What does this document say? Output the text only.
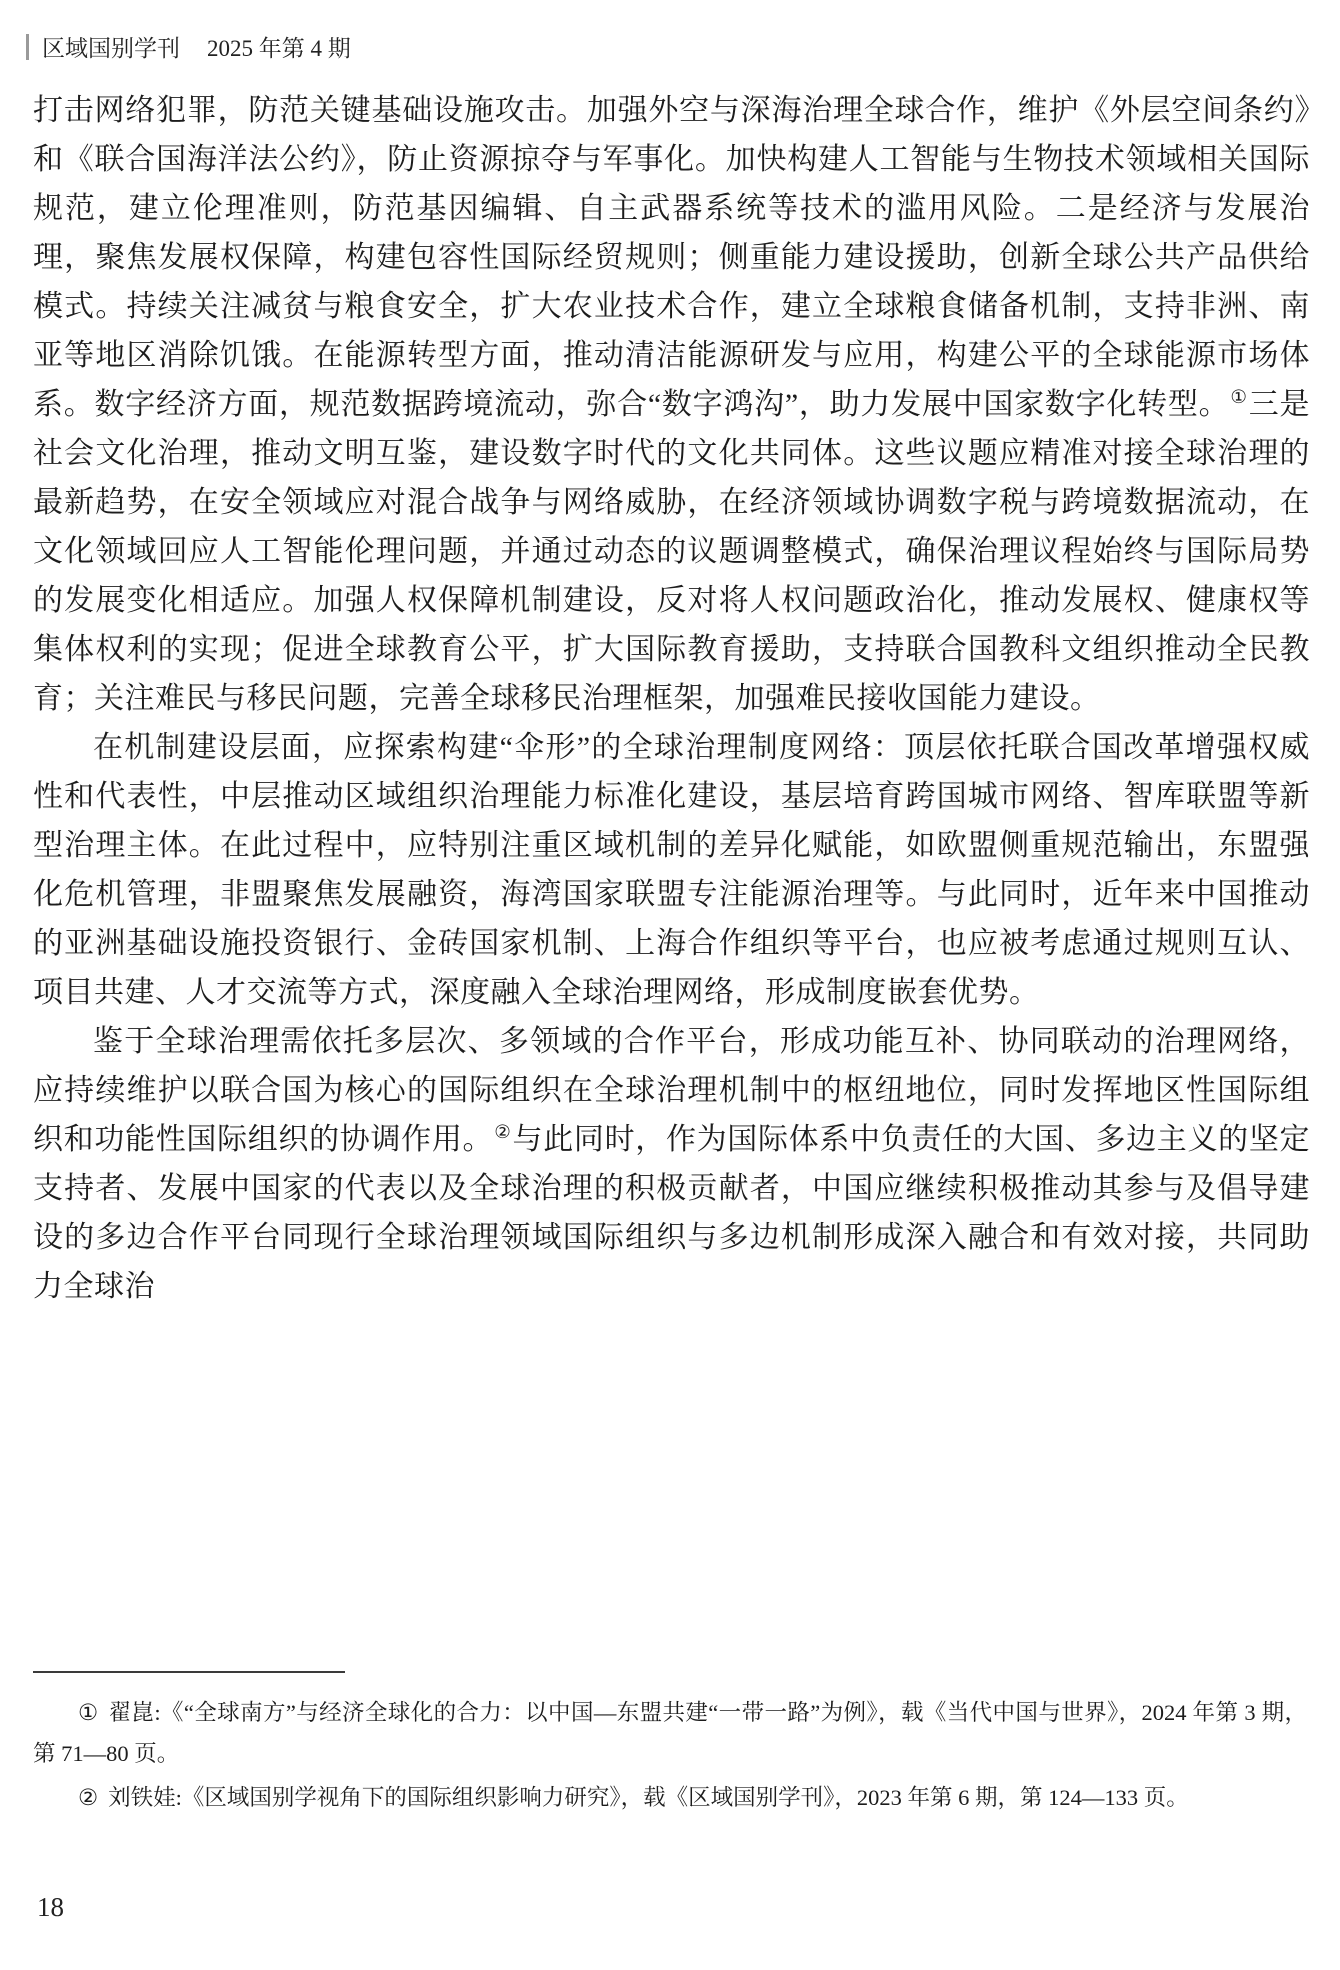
区域国别学刊 2025 年第 4 期

打击网络犯罪，防范关键基础设施攻击。加强外空与深海治理全球合作，维护《外层空间条约》和《联合国海洋法公约》，防止资源掠夺与军事化。加快构建人工智能与生物技术领域相关国际规范，建立伦理准则，防范基因编辑、自主武器系统等技术的滥用风险。二是经济与发展治理，聚焦发展权保障，构建包容性国际经贸规则；侧重能力建设援助，创新全球公共产品供给模式。持续关注减贫与粮食安全，扩大农业技术合作，建立全球粮食储备机制，支持非洲、南亚等地区消除饥饿。在能源转型方面，推动清洁能源研发与应用，构建公平的全球能源市场体系。数字经济方面，规范数据跨境流动，弥合“数字鸿沟”，助力发展中国家数字化转型。①三是社会文化治理，推动文明互鉴，建设数字时代的文化共同体。这些议题应精准对接全球治理的最新趋势，在安全领域应对混合战争与网络威胁，在经济领域协调数字税与跨境数据流动，在文化领域回应人工智能伦理问题，并通过动态的议题调整模式，确保治理议程始终与国际局势的发展变化相适应。加强人权保障机制建设，反对将人权问题政治化，推动发展权、健康权等集体权利的实现；促进全球教育公平，扩大国际教育援助，支持联合国教科文组织推动全民教育；关注难民与移民问题，完善全球移民治理框架，加强难民接收国能力建设。

在机制建设层面，应探索构建“伞形”的全球治理制度网络：顶层依托联合国改革增强权威性和代表性，中层推动区域组织治理能力标准化建设，基层培育跨国城市网络、智库联盟等新型治理主体。在此过程中，应特别注重区域机制的差异化赋能，如欧盟侧重规范输出，东盟强化危机管理，非盟聚焦发展融资，海湾国家联盟专注能源治理等。与此同时，近年来中国推动的亚洲基础设施投资银行、金砖国家机制、上海合作组织等平台，也应被考虑通过规则互认、项目共建、人才交流等方式，深度融入全球治理网络，形成制度嵌套优势。

鉴于全球治理需依托多层次、多领域的合作平台，形成功能互补、协同联动的治理网络，应持续维护以联合国为核心的国际组织在全球治理机制中的枢纽地位，同时发挥地区性国际组织和功能性国际组织的协调作用。②与此同时，作为国际体系中负责任的大国、多边主义的坚定支持者、发展中国家的代表以及全球治理的积极贡献者，中国应继续积极推动其参与及倡导建设的多边合作平台同现行全球治理领域国际组织与多边机制形成深入融合和有效对接，共同助力全球治

① 翟崑:《“全球南方”与经济全球化的合力：以中国—东盟共建“一带一路”为例》，载《当代中国与世界》，2024 年第 3 期，第 71—80 页。

② 刘铁娃:《区域国别学视角下的国际组织影响力研究》，载《区域国别学刊》，2023 年第 6 期，第 124—133 页。

18
